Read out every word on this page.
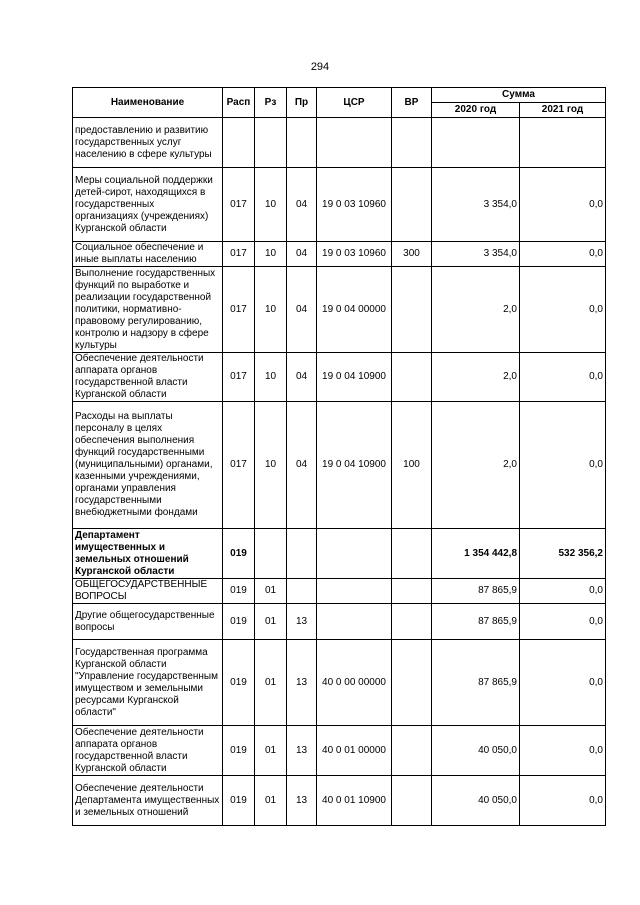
294
Наименование	Расп	Рз	Пр	ЦСР	ВР	Сумма	
						2020 год	2021 год
предоставлению и развитию государственных услуг населению в сфере культуры							
Меры социальной поддержки детей-сирот, находящихся в государственных организациях (учреждениях) Курганской области	017	10	04	19 0 03 10960		3 354,0	0,0
Социальное обеспечение и иные выплаты населению	017	10	04	19 0 03 10960	300	3 354,0	0,0
Выполнение государственных функций по выработке и реализации государственной политики, нормативно-правовому регулированию, контролю и надзору в сфере культуры	017	10	04	19 0 04 00000		2,0	0,0
Обеспечение деятельности аппарата органов государственной власти Курганской области	017	10	04	19 0 04 10900		2,0	0,0
Расходы на выплаты персоналу в целях обеспечения выполнения функций государственными (муниципальными) органами, казенными учреждениями, органами управления государственными внебюджетными фондами	017	10	04	19 0 04 10900	100	2,0	0,0
Департамент имущественных и земельных отношений Курганской области	019					1 354 442,8	532 356,2
ОБЩЕГОСУДАРСТВЕННЫЕ ВОПРОСЫ	019	01				87 865,9	0,0
Другие общегосударственные вопросы	019	01	13			87 865,9	0,0
Государственная программа Курганской области "Управление государственным имуществом и земельными ресурсами Курганской области"	019	01	13	40 0 00 00000		87 865,9	0,0
Обеспечение деятельности аппарата органов государственной власти Курганской области	019	01	13	40 0 01 00000		40 050,0	0,0
Обеспечение деятельности Департамента имущественных и земельных отношений	019	01	13	40 0 01 10900		40 050,0	0,0
